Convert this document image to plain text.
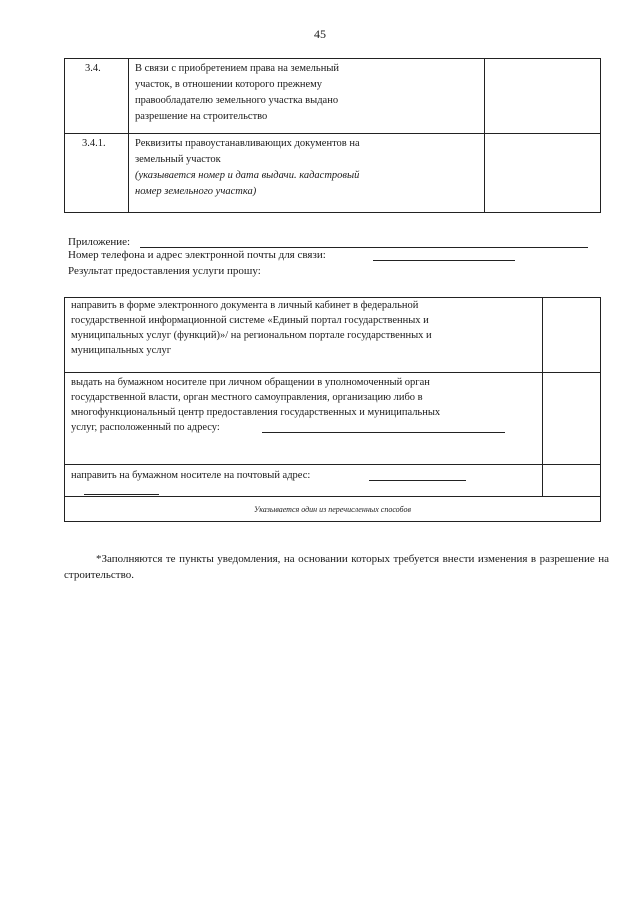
45
3.4.	В связи с приобретением права на земельный
участок, в отношении которого прежнему
правообладателю земельного участка выдано
разрешение на строительство
3.4.1.	Реквизиты правоустанавливающих документов на
земельный участок
(указывается номер и дата выдачи. кадастровый
номер земельного участка)
Приложение:
Номер телефона и адрес электронной почты для связи:
Результат предоставления услуги прошу:
направить в форме электронного документа в личный кабинет в федеральной
государственной информационной системе «Единый портал государственных и
муниципальных услуг (функций)»/ на региональном портале государственных и
муниципальных услуг
выдать на бумажном носителе при личном обращении в уполномоченный орган
государственной власти, орган местного самоуправления, организацию либо в
многофункциональный центр предоставления государственных и муниципальных
услуг, расположенный по адресу:
направить на бумажном носителе на почтовый адрес:
Указывается один из перечисленных способов
*Заполняются те пункты уведомления, на основании которых требуется внести изменения в разрешение на строительство.
